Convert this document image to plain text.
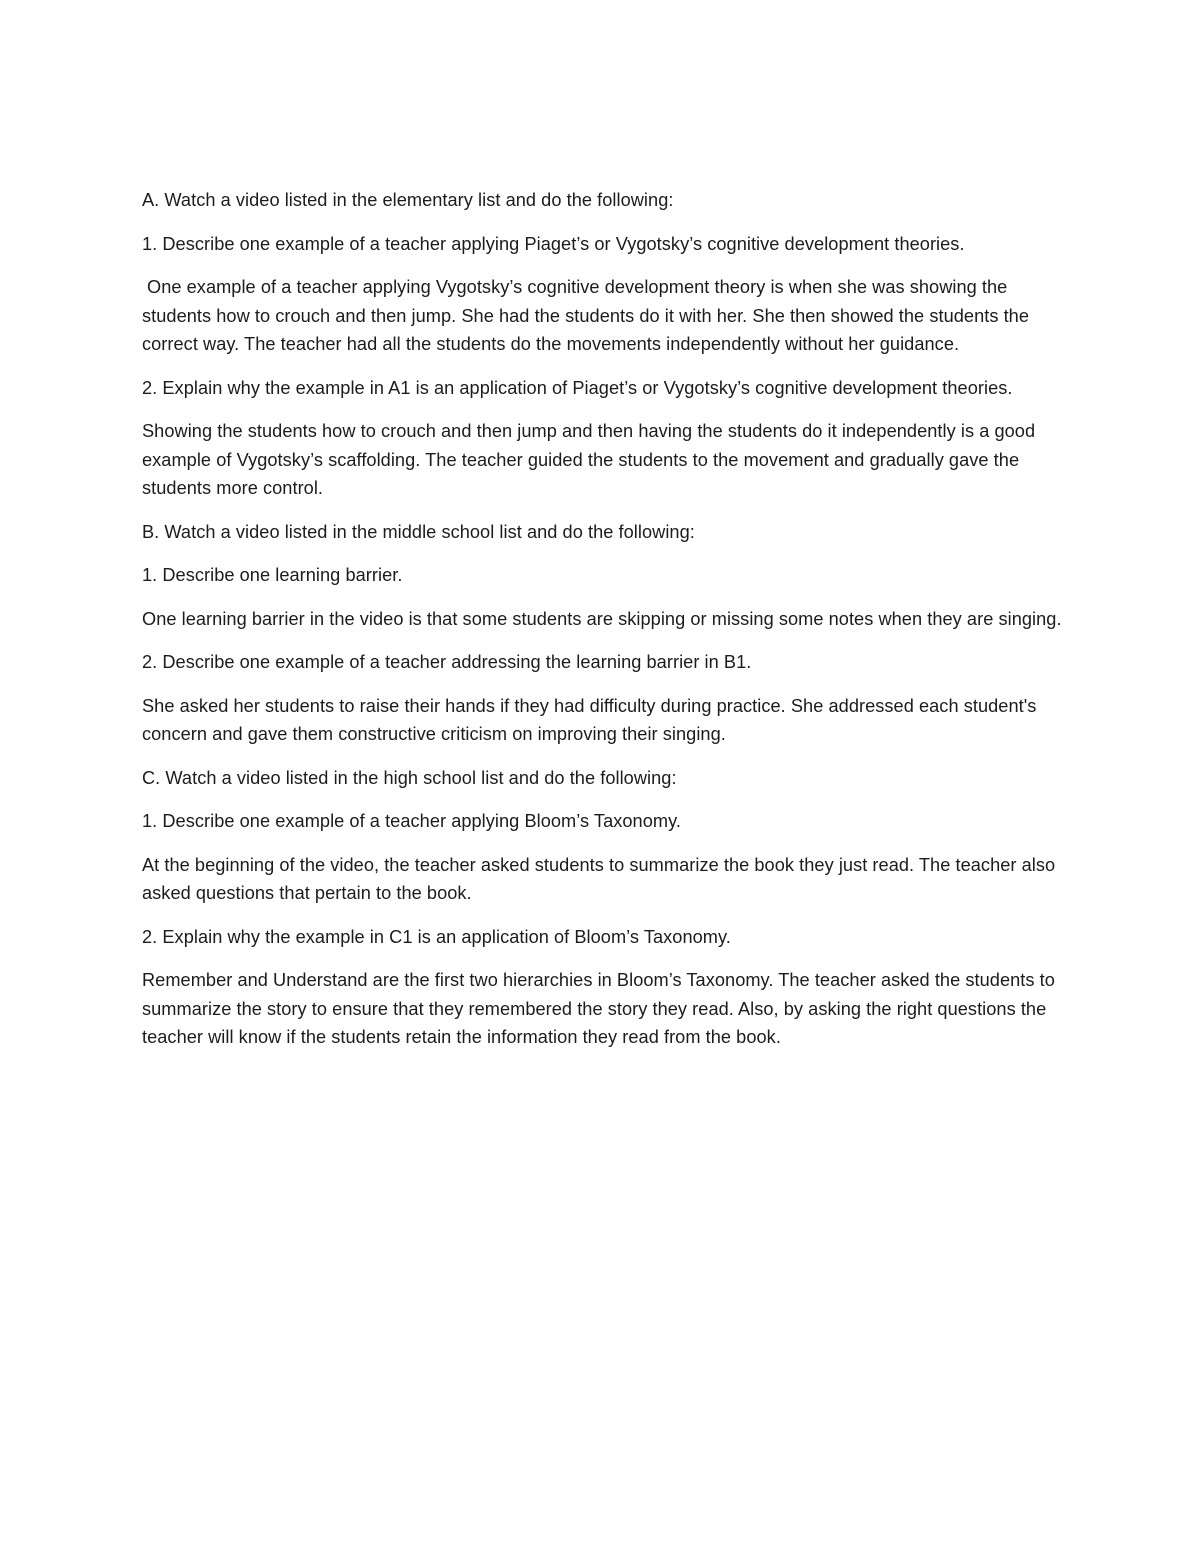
A. Watch a video listed in the elementary list and do the following:

1. Describe one example of a teacher applying Piaget’s or Vygotsky’s cognitive development theories.

One example of a teacher applying Vygotsky’s cognitive development theory is when she was showing the students how to crouch and then jump. She had the students do it with her. She then showed the students the correct way. The teacher had all the students do the movements independently without her guidance.

2. Explain why the example in A1 is an application of Piaget’s or Vygotsky’s cognitive development theories.

Showing the students how to crouch and then jump and then having the students do it independently is a good example of Vygotsky’s scaffolding. The teacher guided the students to the movement and gradually gave the students more control.

B. Watch a video listed in the middle school list and do the following:

1. Describe one learning barrier.

One learning barrier in the video is that some students are skipping or missing some notes when they are singing.

2. Describe one example of a teacher addressing the learning barrier in B1.

She asked her students to raise their hands if they had difficulty during practice. She addressed each student's concern and gave them constructive criticism on improving their singing.

C. Watch a video listed in the high school list and do the following:

1. Describe one example of a teacher applying Bloom’s Taxonomy.

At the beginning of the video, the teacher asked students to summarize the book they just read. The teacher also asked questions that pertain to the book.

2. Explain why the example in C1 is an application of Bloom’s Taxonomy.

Remember and Understand are the first two hierarchies in Bloom’s Taxonomy. The teacher asked the students to summarize the story to ensure that they remembered the story they read. Also, by asking the right questions the teacher will know if the students retain the information they read from the book.
